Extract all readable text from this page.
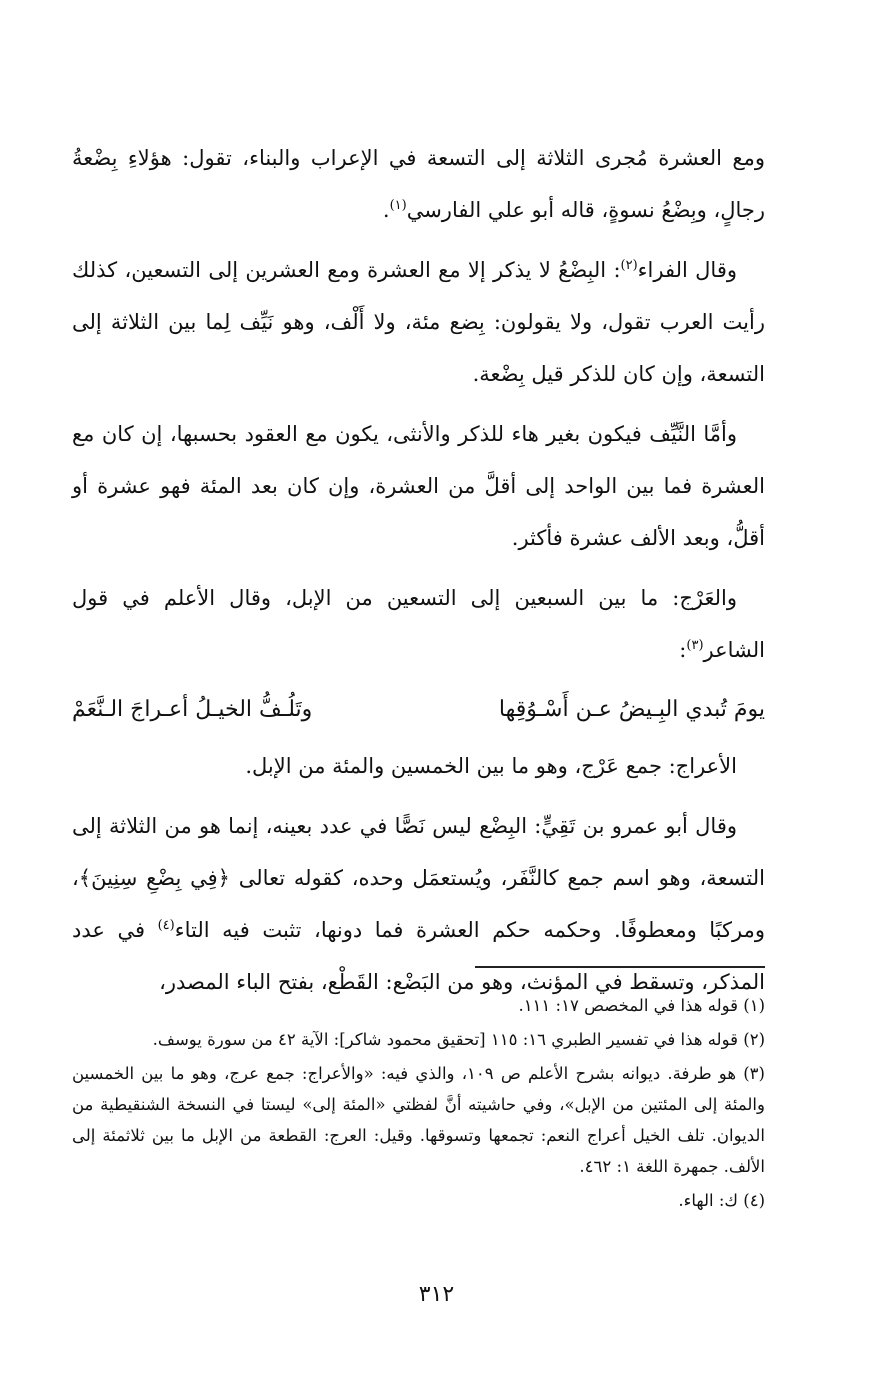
ومع العشرة مُجرى الثلاثة إلى التسعة في الإعراب والبناء، تقول: هؤلاءِ بِضْعةُ رجالٍ، وبِضْعُ نسوةٍ، قاله أبو علي الفارسي$^{(١)}$.

وقال الفراء$^{(٢)}$: البِضْعُ لا يذكر إلا مع العشرة ومع العشرين إلى التسعين، كذلك رأيت العرب تقول، ولا يقولون: بِضع مئة، ولا أَلْف، وهو نَيِّف لِما بين الثلاثة إلى التسعة، وإن كان للذكر قيل بِضْعة.

وأمَّا النَّيِّف فيكون بغير هاء للذكر والأنثى، يكون مع العقود بحسبها، إن كان مع العشرة فما بين الواحد إلى أقلَّ من العشرة، وإن كان بعد المئة فهو عشرة أو أقلُّ، وبعد الألف عشرة فأكثر.

والعَرْج: ما بين السبعين إلى التسعين من الإبل، وقال الأعلم في قول الشاعر$^{(٣)}$:

يومَ تُبدي البِـيضُ عـن أَسْـوُقِها
وتَلُـفُّ الخيـلُ أعـراجَ الـنَّعَمْ

الأعراج: جمع عَرْج، وهو ما بين الخمسين والمئة من الإبل.

وقال أبو عمرو بن تَقِيٍّ: البِضْع ليس نَصًّا في عدد بعينه، إنما هو من الثلاثة إلى التسعة، وهو اسم جمع كالنَّفَر، ويُستعمَل وحده، كقوله تعالى ﴿فِي بِضْعِ سِنِينَ﴾، ومركبًا ومعطوفًا. وحكمه حكم العشرة فما دونها، تثبت فيه التاء$^{(٤)}$ في عدد المذكر، وتسقط في المؤنث، وهو من البَضْع: القَطْع، بفتح الباء المصدر،

(١) قوله هذا في المخصص ١٧: ١١١.

(٢) قوله هذا في تفسير الطبري ١٦: ١١٥ [تحقيق محمود شاكر]: الآية ٤٢ من سورة يوسف.

(٣) هو طرفة. ديوانه بشرح الأعلم ص ١٠٩، والذي فيه: «والأعراج: جمع عرج، وهو ما بين الخمسين والمئة إلى المئتين من الإبل»، وفي حاشيته أنَّ لفظتي «المئة إلى» ليستا في النسخة الشنقيطية من الديوان. تلف الخيل أعراج النعم: تجمعها وتسوقها. وقيل: العرج: القطعة من الإبل ما بين ثلاثمئة إلى الألف. جمهرة اللغة ١: ٤٦٢.

(٤) ك: الهاء.

٣١٢
